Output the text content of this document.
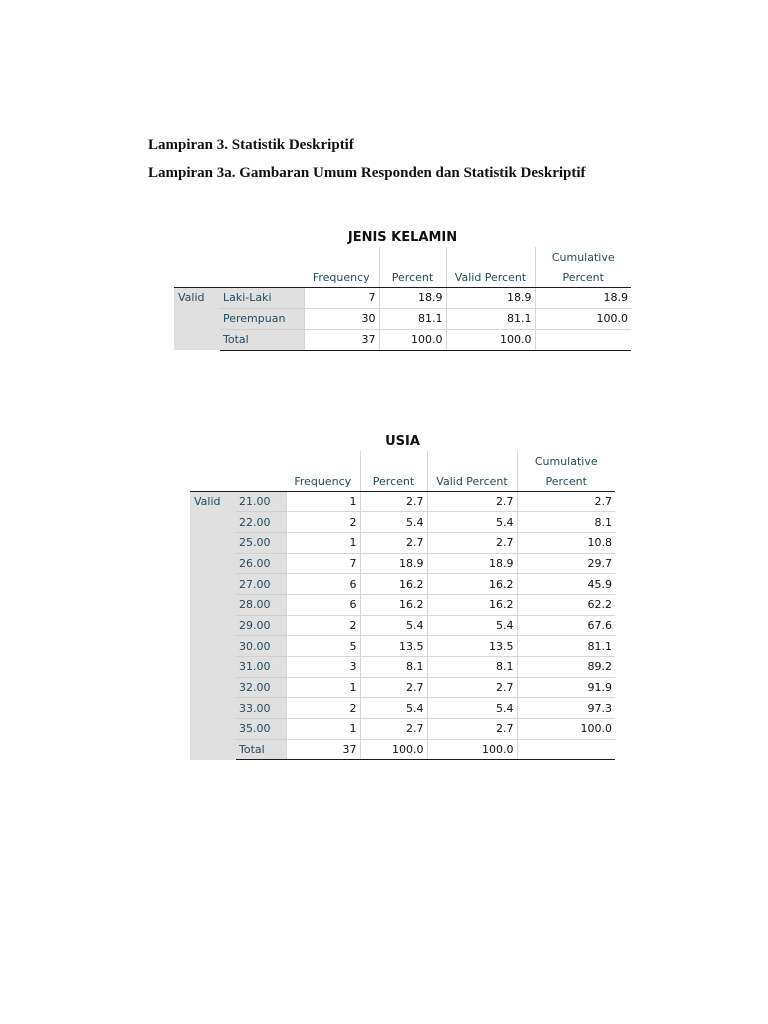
Lampiran 3. Statistik Deskriptif
Lampiran 3a. Gambaran Umum Responden dan Statistik Deskriptif
JENIS KELAMIN
					Cumulative
		Frequency	Percent	Valid Percent	Percent
Valid	Laki-Laki	7	18.9	18.9	18.9
	Perempuan	30	81.1	81.1	100.0
	Total	37	100.0	100.0	
USIA
					Cumulative
		Frequency	Percent	Valid Percent	Percent
Valid	21.00	1	2.7	2.7	2.7
	22.00	2	5.4	5.4	8.1
	25.00	1	2.7	2.7	10.8
	26.00	7	18.9	18.9	29.7
	27.00	6	16.2	16.2	45.9
	28.00	6	16.2	16.2	62.2
	29.00	2	5.4	5.4	67.6
	30.00	5	13.5	13.5	81.1
	31.00	3	8.1	8.1	89.2
	32.00	1	2.7	2.7	91.9
	33.00	2	5.4	5.4	97.3
	35.00	1	2.7	2.7	100.0
	Total	37	100.0	100.0	
